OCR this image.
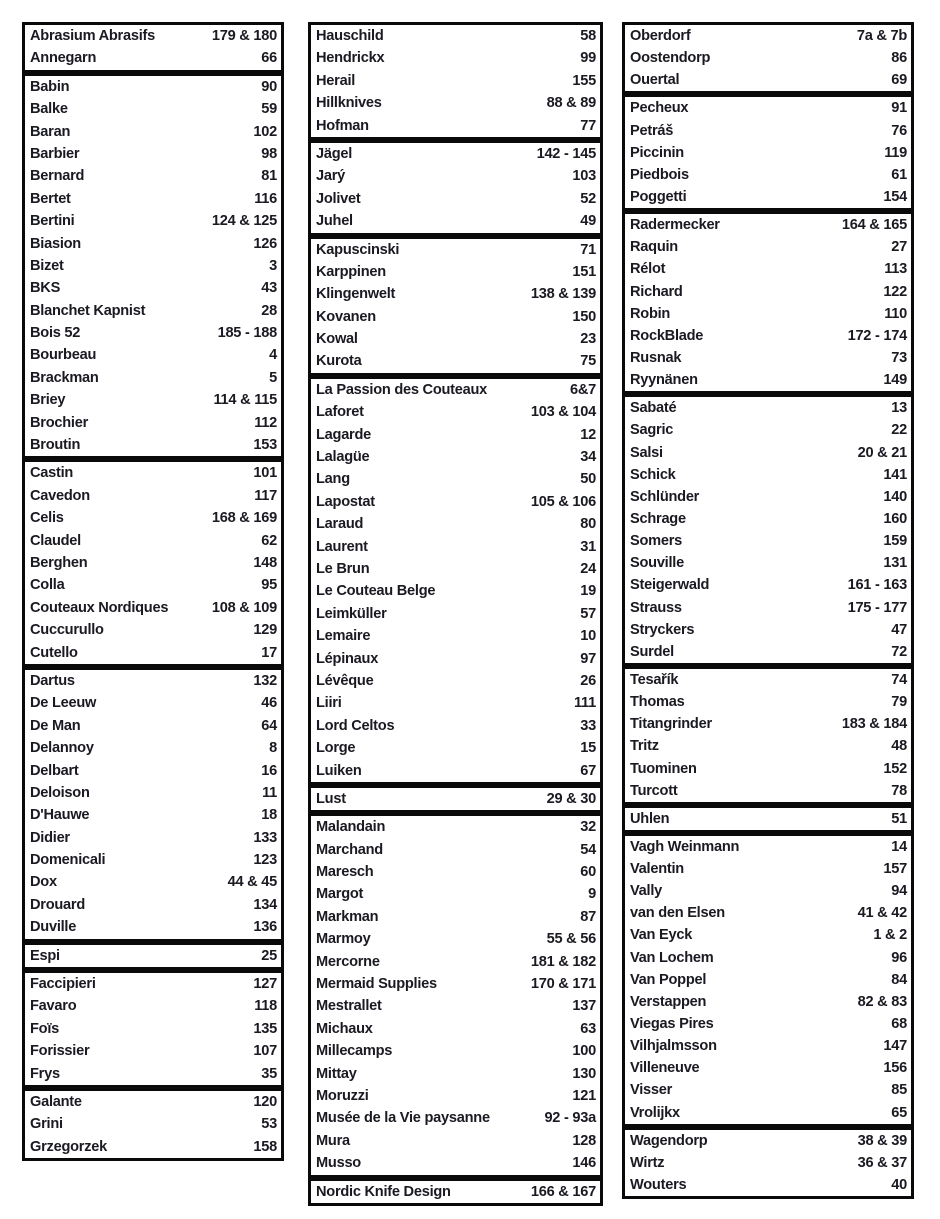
Abrasium Abrasifs	179 & 180
Annegarn	66
Babin	90
Balke	59
Baran	102
Barbier	98
Bernard	81
Bertet	116
Bertini	124 & 125
Biasion	126
Bizet	3
BKS	43
Blanchet Kapnist	28
Bois 52	185 - 188
Bourbeau	4
Brackman	5
Briey	114 & 115
Brochier	112
Broutin	153
Castin	101
Cavedon	117
Celis	168 & 169
Claudel	62
Berghen	148
Colla	95
Couteaux Nordiques	108 & 109
Cuccurullo	129
Cutello	17
Dartus	132
De Leeuw	46
De Man	64
Delannoy	8
Delbart	16
Deloison	11
D'Hauwe	18
Didier	133
Domenicali	123
Dox	44 & 45
Drouard	134
Duville	136
Espi	25
Faccipieri	127
Favaro	118
Foïs	135
Forissier	107
Frys	35
Galante	120
Grini	53
Grzegorzek	158
Hauschild	58
Hendrickx	99
Herail	155
Hillknives	88 & 89
Hofman	77
Jägel	142 - 145
Jarý	103
Jolivet	52
Juhel	49
Kapuscinski	71
Karppinen	151
Klingenwelt	138 & 139
Kovanen	150
Kowal	23
Kurota	75
La Passion des Couteaux	6&7
Laforet	103 & 104
Lagarde	12
Lalagüe	34
Lang	50
Lapostat	105 & 106
Laraud	80
Laurent	31
Le Brun	24
Le Couteau Belge	19
Leimküller	57
Lemaire	10
Lépinaux	97
Lévêque	26
Liiri	111
Lord Celtos	33
Lorge	15
Luiken	67
Lust	29 & 30
Malandain	32
Marchand	54
Maresch	60
Margot	9
Markman	87
Marmoy	55 & 56
Mercorne	181 & 182
Mermaid Supplies	170 & 171
Mestrallet	137
Michaux	63
Millecamps	100
Mittay	130
Moruzzi	121
Musée de la Vie paysanne	92 - 93a
Mura	128
Musso	146
Nordic Knife Design	166 & 167
Oberdorf	7a & 7b
Oostendorp	86
Ouertal	69
Pecheux	91
Petráš	76
Piccinin	119
Piedbois	61
Poggetti	154
Radermecker	164 & 165
Raquin	27
Rélot	113
Richard	122
Robin	110
RockBlade	172 - 174
Rusnak	73
Ryynänen	149
Sabaté	13
Sagric	22
Salsi	20 & 21
Schick	141
Schlünder	140
Schrage	160
Somers	159
Souville	131
Steigerwald	161 - 163
Strauss	175 - 177
Stryckers	47
Surdel	72
Tesařík	74
Thomas	79
Titangrinder	183 & 184
Tritz	48
Tuominen	152
Turcott	78
Uhlen	51
Vagh Weinmann	14
Valentin	157
Vally	94
van den Elsen	41 & 42
Van Eyck	1 & 2
Van Lochem	96
Van Poppel	84
Verstappen	82 & 83
Viegas Pires	68
Vilhjalmsson	147
Villeneuve	156
Visser	85
Vrolijkx	65
Wagendorp	38 & 39
Wirtz	36 & 37
Wouters	40
